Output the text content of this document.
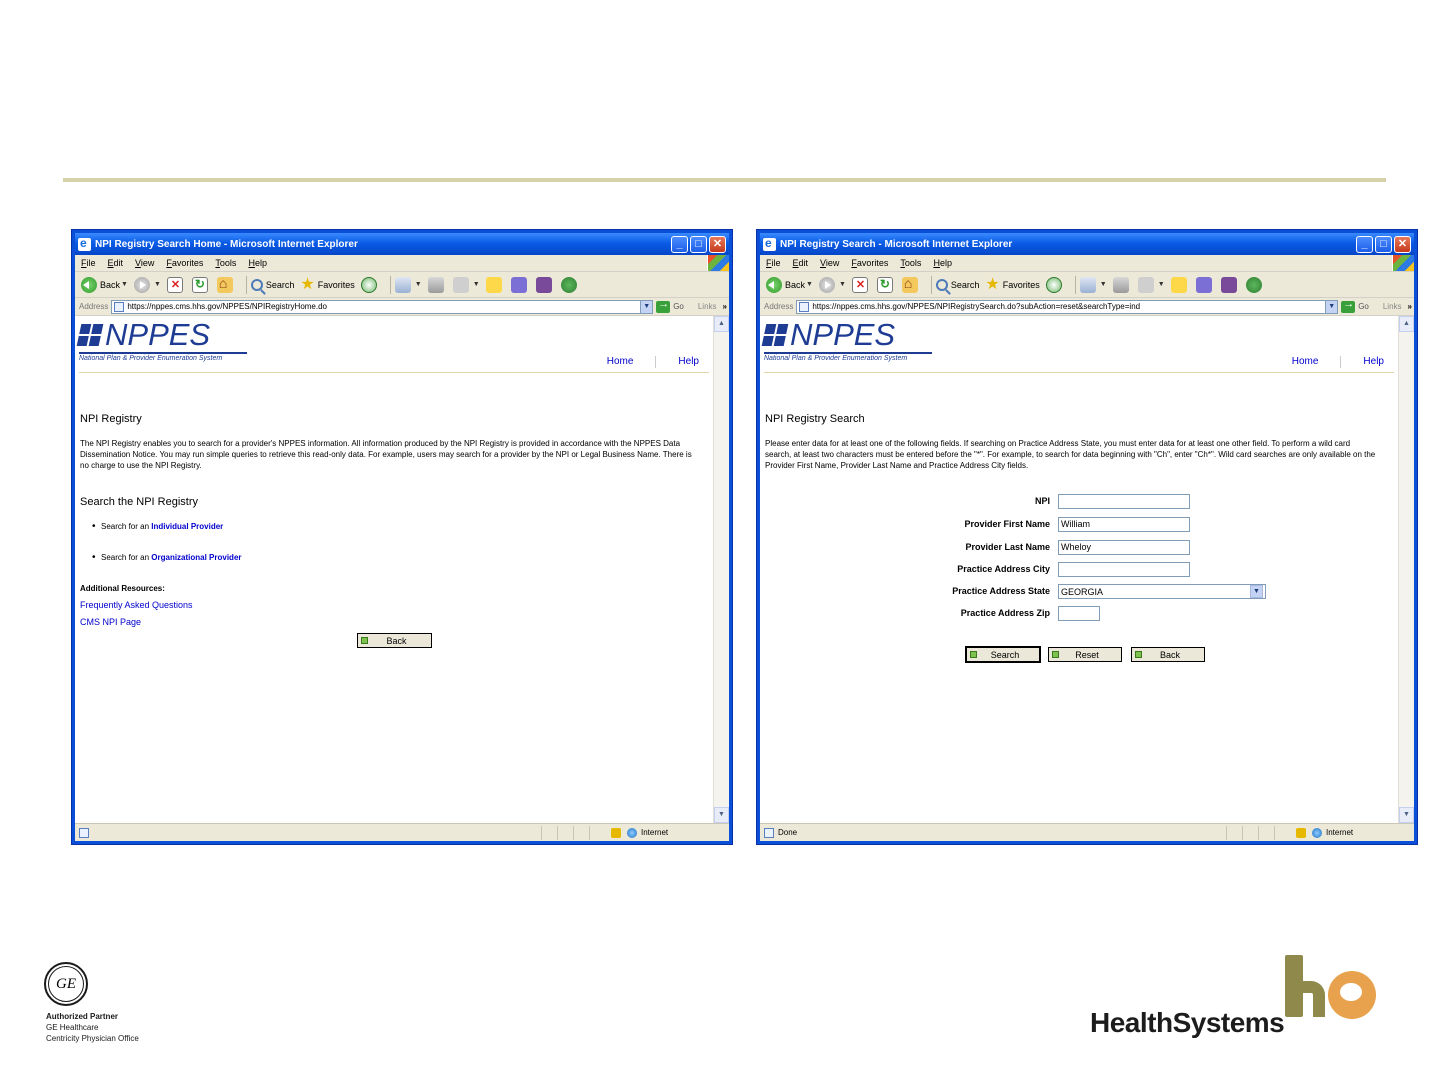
e
NPI Registry Search Home - Microsoft Internet Explorer	_	□	✕
File Edit View Favorites Tools Help
Back ▼	▼ ✕ ↻ ⌂	Search ★ Favorites	▼	▼
Address https://nppes.cms.hhs.gov/NPPES/NPIRegistryHome.do	▼ →	Go Links »
NPPES
National Plan & Provider Enumeration System	Home	Help
NPI Registry
The NPI Registry enables you to search for a provider's NPPES information. All information produced by the NPI Registry is provided in accordance with the NPPES Data Dissemination Notice. You may run simple queries to retrieve this read-only data. For example, users may search for a provider by the NPI or Legal Business Name. There is no charge to use the NPI Registry.
Search the NPI Registry
• Search for an Individual Provider
• Search for an Organizational Provider
Additional Resources:
Frequently Asked Questions
CMS NPI Page
Back
▲
▼
Internet
e
NPI Registry Search - Microsoft Internet Explorer	_	□	✕
File Edit View Favorites Tools Help
Back ▼	▼ ✕ ↻ ⌂	Search ★ Favorites	▼	▼
Address https://nppes.cms.hhs.gov/NPPES/NPIRegistrySearch.do?subAction=reset&searchType=ind	▼ →	Go Links »
NPPES
National Plan & Provider Enumeration System	Home	Help
NPI Registry Search
Please enter data for at least one of the following fields. If searching on Practice Address State, you must enter data for at least one other field. To perform a wild card search, at least two characters must be entered before the "*". For example, to search for data beginning with "Ch", enter "Ch*". Wild card searches are only available on the Provider First Name, Provider Last Name and Practice Address City fields.
NPI
Provider First Name	William
Provider Last Name	Wheloy
Practice Address City
Practice Address State GEORGIA	▼
Practice Address Zip
Search	Reset	Back
▲
▼
Done	Internet
GE
Authorized Partner
GE Healthcare
Centricity Physician Office
HealthSystems
